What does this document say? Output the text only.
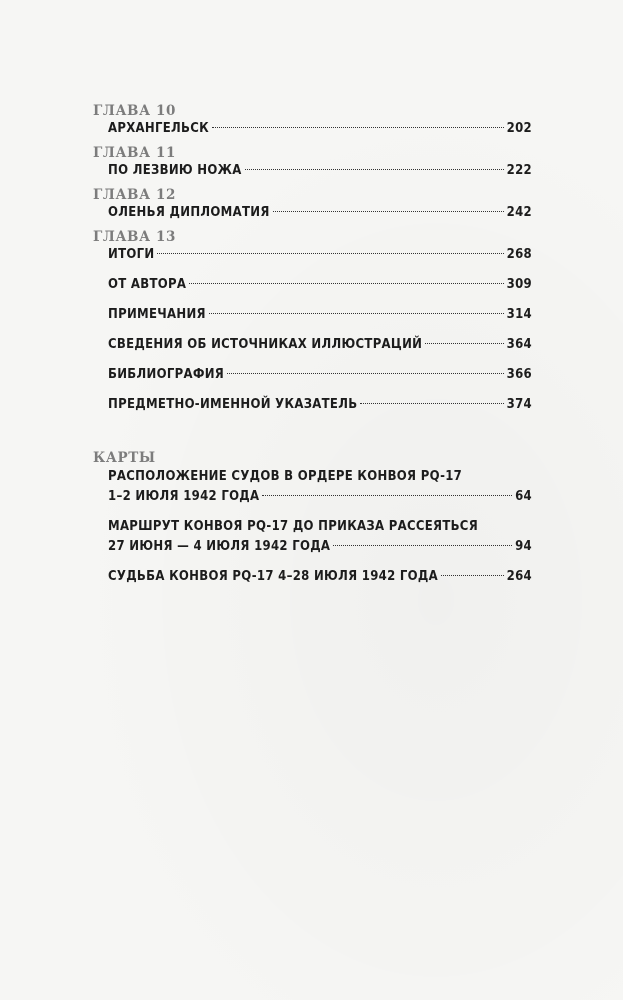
ГЛАВА 10
АРХАНГЕЛЬСК	202
ГЛАВА 11
ПО ЛЕЗВИЮ НОЖА	222
ГЛАВА 12
ОЛЕНЬЯ ДИПЛОМАТИЯ	242
ГЛАВА 13
ИТОГИ	268
ОТ АВТОРА	309
ПРИМЕЧАНИЯ	314
СВЕДЕНИЯ ОБ ИСТОЧНИКАХ ИЛЛЮСТРАЦИЙ	364
БИБЛИОГРАФИЯ	366
ПРЕДМЕТНО-ИМЕННОЙ УКАЗАТЕЛЬ	374
КАРТЫ
РАСПОЛОЖЕНИЕ СУДОВ В ОРДЕРЕ КОНВОЯ PQ-17
1–2 ИЮЛЯ 1942 ГОДА	64
МАРШРУТ КОНВОЯ PQ-17 ДО ПРИКАЗА РАССЕЯТЬСЯ
27 ИЮНЯ — 4 ИЮЛЯ 1942 ГОДА	94
СУДЬБА КОНВОЯ PQ-17 4–28 ИЮЛЯ 1942 ГОДА	264
